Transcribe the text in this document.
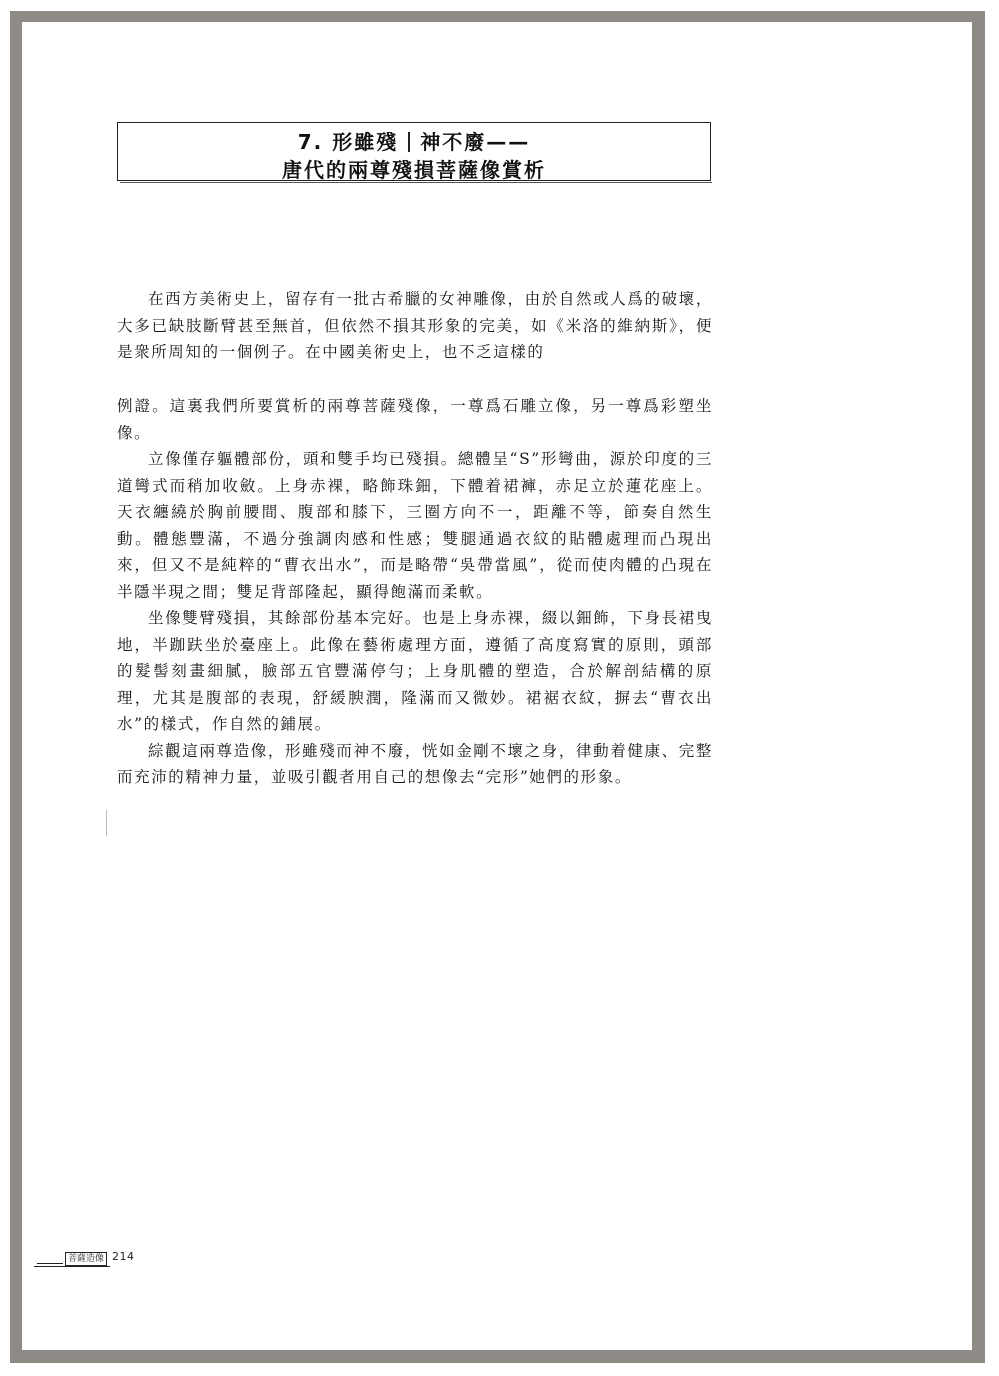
7. 形雖殘 神不廢——
唐代的兩尊殘損菩薩像賞析

在西方美術史上，留存有一批古希臘的女神雕像，由於自然或人爲的破壞，大多已缺肢斷臂甚至無首，但依然不損其形象的完美，如《米洛的維納斯》，便是衆所周知的一個例子。在中國美術史上，也不乏這樣的

例證。這裏我們所要賞析的兩尊菩薩殘像，一尊爲石雕立像，另一尊爲彩塑坐像。

立像僅存軀體部份，頭和雙手均已殘損。總體呈“S”形彎曲，源於印度的三道彎式而稍加收斂。上身赤裸，略飾珠鈿，下體着裙褲，赤足立於蓮花座上。天衣纏繞於胸前腰間、腹部和膝下，三圈方向不一，距離不等，節奏自然生動。體態豐滿，不過分強調肉感和性感；雙腿通過衣紋的貼體處理而凸現出來，但又不是純粹的“曹衣出水”，而是略帶“吳帶當風”，從而使肉體的凸現在半隱半現之間；雙足背部隆起，顯得飽滿而柔軟。

坐像雙臂殘損，其餘部份基本完好。也是上身赤裸，綴以鈿飾，下身長裙曳地，半跏趺坐於臺座上。此像在藝術處理方面，遵循了高度寫實的原則，頭部的髮髻刻畫細膩，臉部五官豐滿停勻；上身肌體的塑造，合於解剖結構的原理，尤其是腹部的表現，舒緩腴潤，隆滿而又微妙。裙裾衣紋，摒去“曹衣出水”的樣式，作自然的鋪展。

綜觀這兩尊造像，形雖殘而神不廢，恍如金剛不壞之身，律動着健康、完整而充沛的精神力量，並吸引觀者用自己的想像去“完形”她們的形象。

菩薩造像 214
